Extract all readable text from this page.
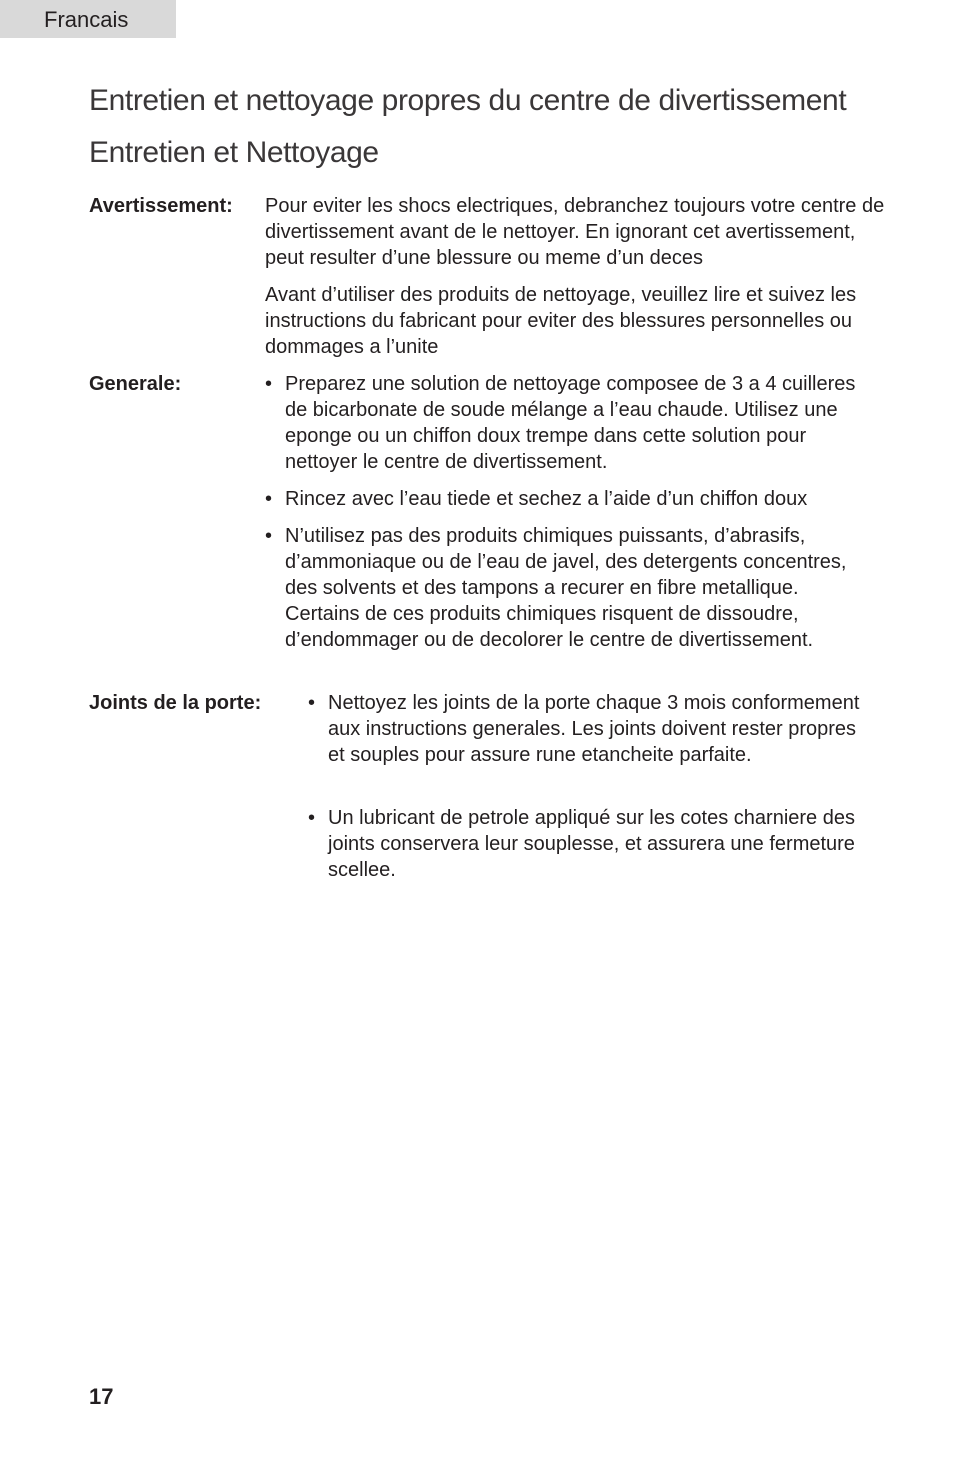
Francais
Entretien et nettoyage propres du centre de divertissement
Entretien et Nettoyage
Avertissement: Pour eviter les shocs electriques, debranchez toujours votre centre de divertissement avant de le nettoyer. En ignorant cet avertissement, peut resulter d’une blessure ou meme d’un deces

Avant d’utiliser des produits de nettoyage, veuillez lire et suivez les instructions du fabricant pour eviter des blessures personnelles ou dommages a l’unite

Generale:	• Preparez une solution de nettoyage composee de 3 a 4 cuilleres de bicarbonate de soude mélange a l’eau chaude. Utilisez une eponge ou un chiffon doux trempe dans cette solution pour nettoyer le centre de divertissement.
• Rincez avec l’eau tiede et sechez a l’aide d’un chiffon doux
• N’utilisez pas des produits chimiques puissants, d’abrasifs, d’ammoniaque ou de l’eau de javel, des detergents concentres, des solvents et des tampons a recurer en fibre metallique. Certains de ces produits chimiques risquent de dissoudre, d’endommager ou de decolorer le centre de divertissement.
Joints de la porte: • Nettoyez les joints de la porte chaque 3 mois conformement aux instructions generales. Les joints doivent rester propres et souples pour assure rune etancheite parfaite.
• Un lubricant de petrole appliqué sur les cotes charniere des joints conservera leur souplesse, et assurera une fermeture scellee.
17
